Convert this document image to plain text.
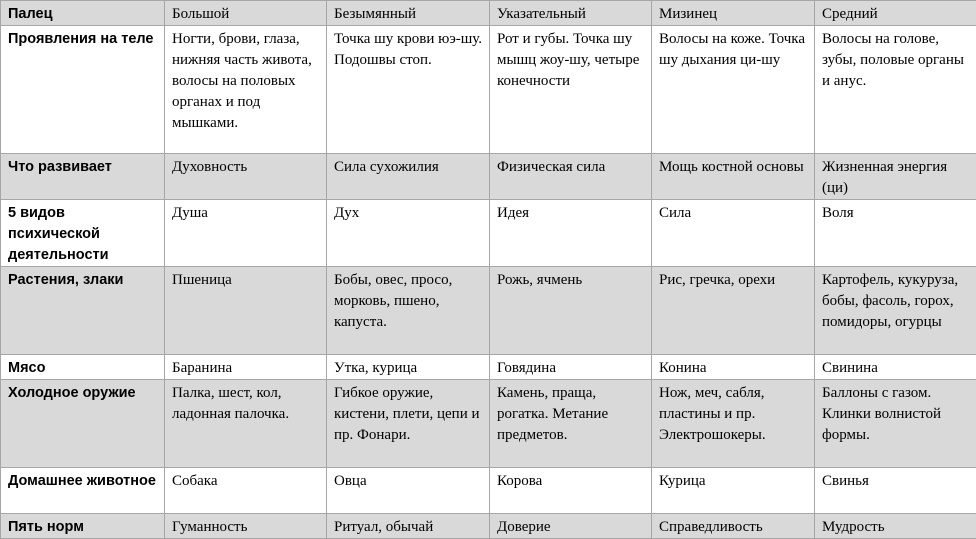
Палец	Большой	Безымянный	Указательный	Мизинец	Средний
Проявления на теле	Ногти, брови, глаза, нижняя часть живота, волосы на половых органах и под мышками.	Точка шу крови юэ-шу. Подошвы стоп.	Рот и губы. Точка шу мышц жоу-шу, четыре конечности	Волосы на коже. Точка шу дыхания ци-шу	Волосы на голове, зубы, половые органы и анус.
Что развивает	Духовность	Сила сухожилия	Физическая сила	Мощь костной основы	Жизненная энергия (ци)
5 видов психической деятельности	Душа	Дух	Идея	Сила	Воля
Растения, злаки	Пшеница	Бобы, овес, просо, морковь, пшено, капуста.	Рожь, ячмень	Рис, гречка, орехи	Картофель, кукуруза, бобы, фасоль, горох, помидоры, огурцы
Мясо	Баранина	Утка, курица	Говядина	Конина	Свинина
Холодное оружие	Палка, шест, кол, ладонная палочка.	Гибкое оружие, кистени, плети, цепи и пр. Фонари.	Камень, праща, рогатка. Метание предметов.	Нож, меч, сабля, пластины и пр. Электрошокеры.	Баллоны с газом. Клинки волнистой формы.
Домашнее животное	Собака	Овца	Корова	Курица	Свинья
Пять норм	Гуманность	Ритуал, обычай	Доверие	Справедливость	Мудрость
